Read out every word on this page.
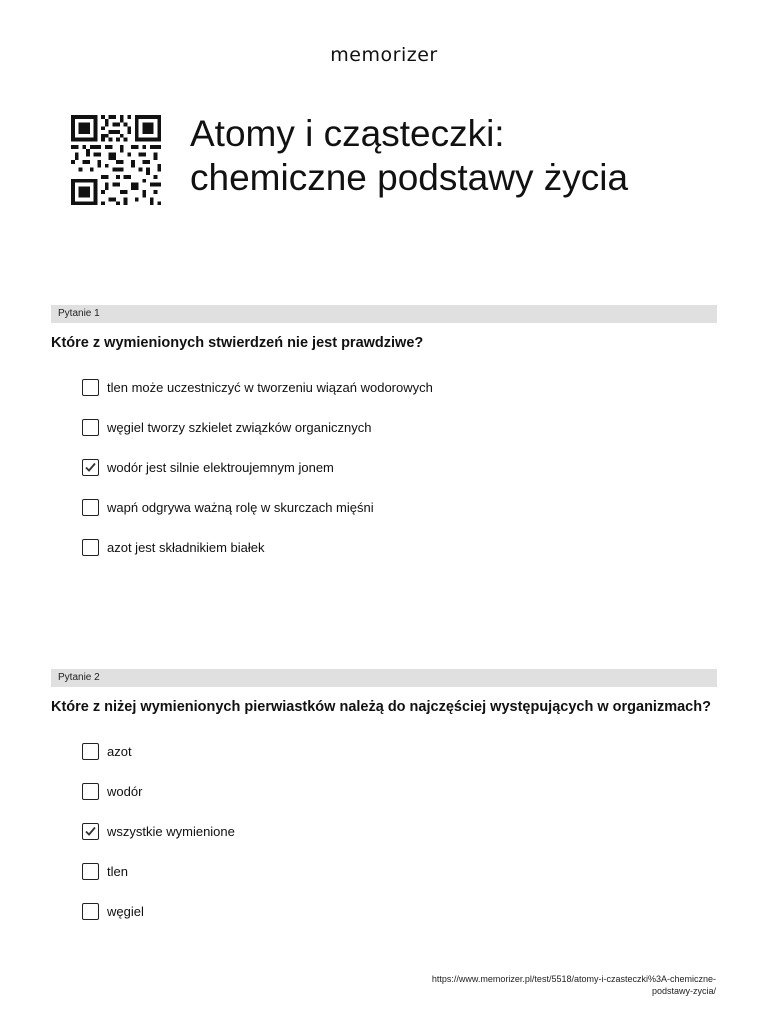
memorizer
Atomy i cząsteczki:
chemiczne podstawy życia
Pytanie 1
Które z wymienionych stwierdzeń nie jest prawdziwe?
tlen może uczestniczyć w tworzeniu wiązań wodorowych
węgiel tworzy szkielet związków organicznych
wodór jest silnie elektroujemnym jonem
wapń odgrywa ważną rolę w skurczach mięśni
azot jest składnikiem białek
Pytanie 2
Które z niżej wymienionych pierwiastków należą do najczęściej występujących w organizmach?
azot
wodór
wszystkie wymienione
tlen
węgiel
https://www.memorizer.pl/test/5518/atomy-i-czasteczki%3A-chemiczne-
podstawy-zycia/
